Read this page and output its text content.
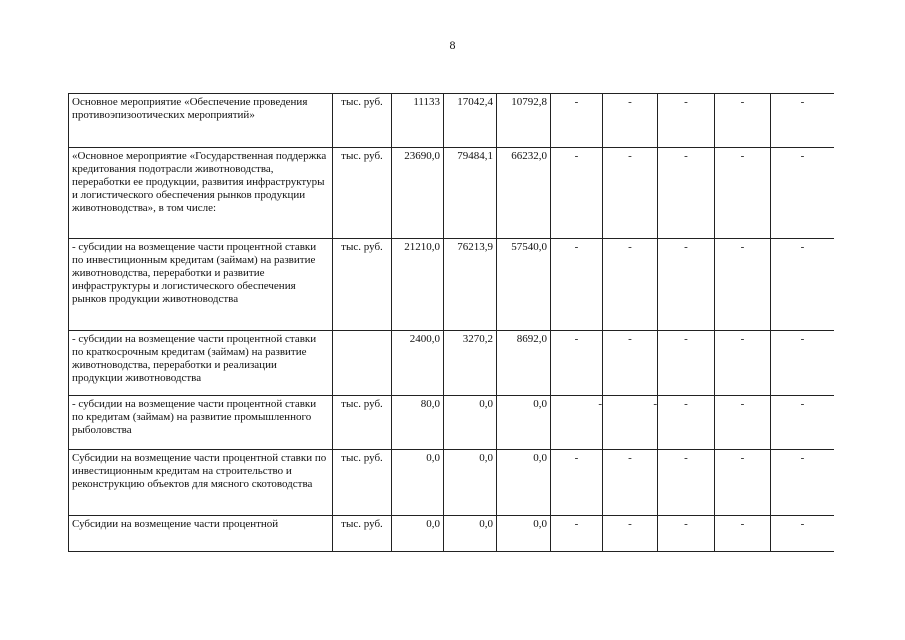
8
Основное мероприятие «Обеспечение проведения противоэпизоотических мероприятий»	тыс. руб.	11133	17042,4	10792,8	-	-	-	-	-
«Основное мероприятие «Государственная поддержка кредитования подотрасли животноводства, переработки ее продукции, развития инфраструктуры и логистического обеспечения рынков продукции животноводства», в том числе:	тыс. руб.	23690,0	79484,1	66232,0	-	-	-	-	-
- субсидии на возмещение части процентной ставки по инвестиционным кредитам (займам) на развитие животноводства, переработки и развитие инфраструктуры и логистического обеспечения рынков продукции животноводства	тыс. руб.	21210,0	76213,9	57540,0	-	-	-	-	-
- субсидии на возмещение части процентной ставки по краткосрочным кредитам (займам) на развитие животноводства, переработки и реализации продукции животноводства		2400,0	3270,2	8692,0	-	-	-	-	-
- субсидии на возмещение части процентной ставки по кредитам (займам) на развитие промышленного рыболовства	тыс. руб.	80,0	0,0	0,0	-	-	-	-	-
Субсидии на возмещение части процентной ставки по инвестиционным кредитам на строительство и реконструкцию объектов для мясного скотоводства	тыс. руб.	0,0	0,0	0,0	-	-	-	-	-
Субсидии на возмещение части процентной	тыс. руб.	0,0	0,0	0,0	-	-	-	-	-
